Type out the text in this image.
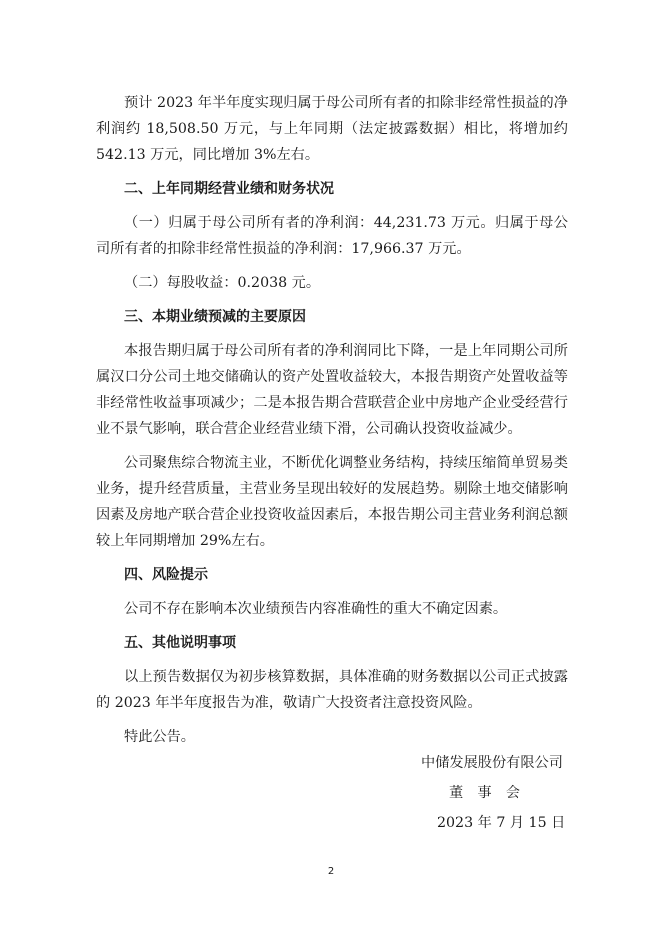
预计 2023 年半年度实现归属于母公司所有者的扣除非经常性损益的净利润约 18,508.50 万元，与上年同期（法定披露数据）相比，将增加约 542.13 万元，同比增加 3%左右。

二、上年同期经营业绩和财务状况

（一）归属于母公司所有者的净利润：44,231.73 万元。归属于母公司所有者的扣除非经常性损益的净利润：17,966.37 万元。

（二）每股收益：0.2038 元。

三、本期业绩预减的主要原因

本报告期归属于母公司所有者的净利润同比下降，一是上年同期公司所属汉口分公司土地交储确认的资产处置收益较大，本报告期资产处置收益等非经常性收益事项减少；二是本报告期合营联营企业中房地产企业受经营行业不景气影响，联合营企业经营业绩下滑，公司确认投资收益减少。

公司聚焦综合物流主业，不断优化调整业务结构，持续压缩简单贸易类业务，提升经营质量，主营业务呈现出较好的发展趋势。剔除土地交储影响因素及房地产联合营企业投资收益因素后，本报告期公司主营业务利润总额较上年同期增加 29%左右。

四、风险提示

公司不存在影响本次业绩预告内容准确性的重大不确定因素。

五、其他说明事项

以上预告数据仅为初步核算数据，具体准确的财务数据以公司正式披露的 2023 年半年度报告为准，敬请广大投资者注意投资风险。

特此公告。

中储发展股份有限公司
董　事　会
2023 年 7 月 15 日
2
